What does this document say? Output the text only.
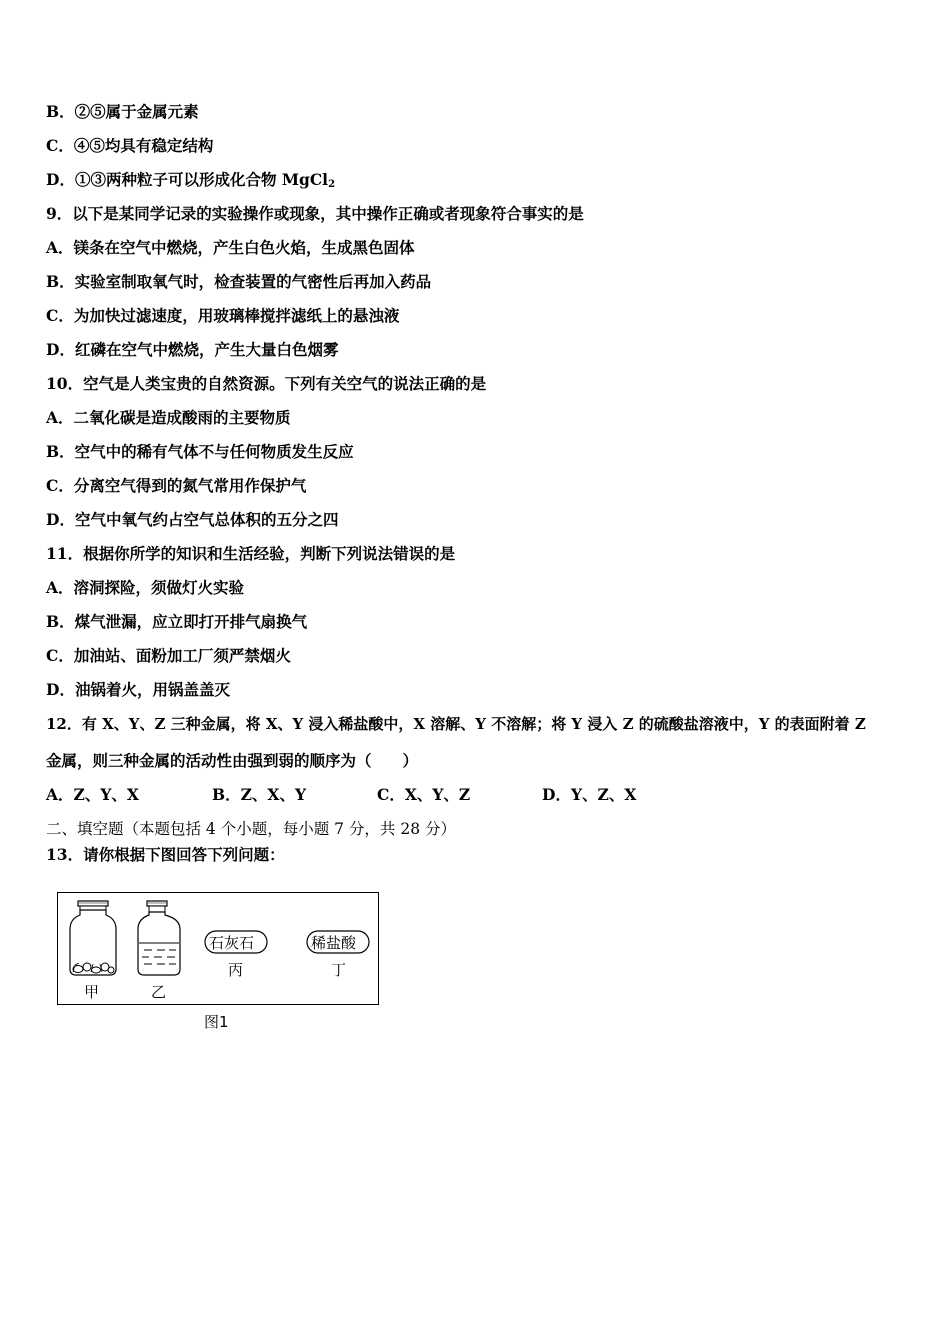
B．②⑤属于金属元素
C．④⑤均具有稳定结构
D．①③两种粒子可以形成化合物 MgCl$_2$
9．以下是某同学记录的实验操作或现象，其中操作正确或者现象符合事实的是
A．镁条在空气中燃烧，产生白色火焰，生成黑色固体
B．实验室制取氧气时，检查装置的气密性后再加入药品
C．为加快过滤速度，用玻璃棒搅拌滤纸上的悬浊液
D．红磷在空气中燃烧，产生大量白色烟雾
10．空气是人类宝贵的自然资源。下列有关空气的说法正确的是
A．二氧化碳是造成酸雨的主要物质
B．空气中的稀有气体不与任何物质发生反应
C．分离空气得到的氮气常用作保护气
D．空气中氧气约占空气总体积的五分之四
11．根据你所学的知识和生活经验，判断下列说法错误的是
A．溶洞探险，须做灯火实验
B．煤气泄漏，应立即打开排气扇换气
C．加油站、面粉加工厂须严禁烟火
D．油锅着火，用锅盖盖灭
12．有 X、Y、Z 三种金属，将 X、Y 浸入稀盐酸中，X 溶解、Y 不溶解；将 Y 浸入 Z 的硫酸盐溶液中，Y 的表面附着 Z
金属，则三种金属的活动性由强到弱的顺序为（　　）
A．Z、Y、X	B．Z、X、Y	C．X、Y、Z	D．Y、Z、X
二、填空题（本题包括 4 个小题，每小题 7 分，共 28 分）
13．请你根据下图回答下列问题：
甲	乙
石灰石
丙
稀盐酸
丁
图1
